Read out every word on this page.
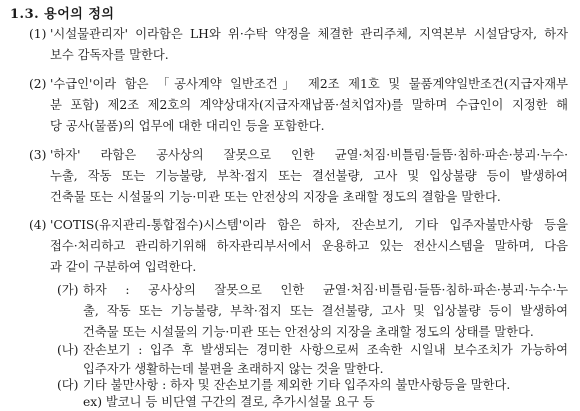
1.3. 용어의 정의
(1) '시설물관리자' 이라함은 LH와 위·수탁 약정을 체결한 관리주체, 지역본부 시설담당자, 하자
보수 감독자를 말한다.
(2) '수급인'이라 함은 「공사계약 일반조건」 제2조 제1호 및 물품계약일반조건(지급자재부
분 포함) 제2조 제2호의 계약상대자(지급자재납품·설치업자)를 말하며 수급인이 지정한 해
당 공사(물품)의 업무에 대한 대리인 등을 포함한다.
(3) '하자' 라함은 공사상의 잘못으로 인한 균열·처짐·비틀림·들뜸·침하·파손·붕괴·누수·
누출, 작동 또는 기능불량, 부착·접지 또는 결선불량, 고사 및 입상불량 등이 발생하여
건축물 또는 시설물의 기능·미관 또는 안전상의 지장을 초래할 정도의 결함을 말한다.
(4) 'COTIS(유지관리-통합접수)시스템'이라 함은 하자, 잔손보기, 기타 입주자불만사항 등을
접수·처리하고 관리하기위해 하자관리부서에서 운용하고 있는 전산시스템을 말하며, 다음
과 같이 구분하여 입력한다.
(가) 하자 : 공사상의 잘못으로 인한 균열·처짐·비틀림·들뜸·침하·파손·붕괴·누수·누
출, 작동 또는 기능불량, 부착·접지 또는 결선불량, 고사 및 입상불량 등이 발생하여
건축물 또는 시설물의 기능·미관 또는 안전상의 지장을 초래할 정도의 상태를 말한다.
(나) 잔손보기 : 입주 후 발생되는 경미한 사항으로써 조속한 시일내 보수조치가 가능하여
입주자가 생활하는데 불편을 초래하지 않는 것을 말한다.
(다) 기타 불만사항 : 하자 및 잔손보기를 제외한 기타 입주자의 불만사항등을 말한다.
ex) 발코니 등 비단열 구간의 결로, 추가시설물 요구 등
